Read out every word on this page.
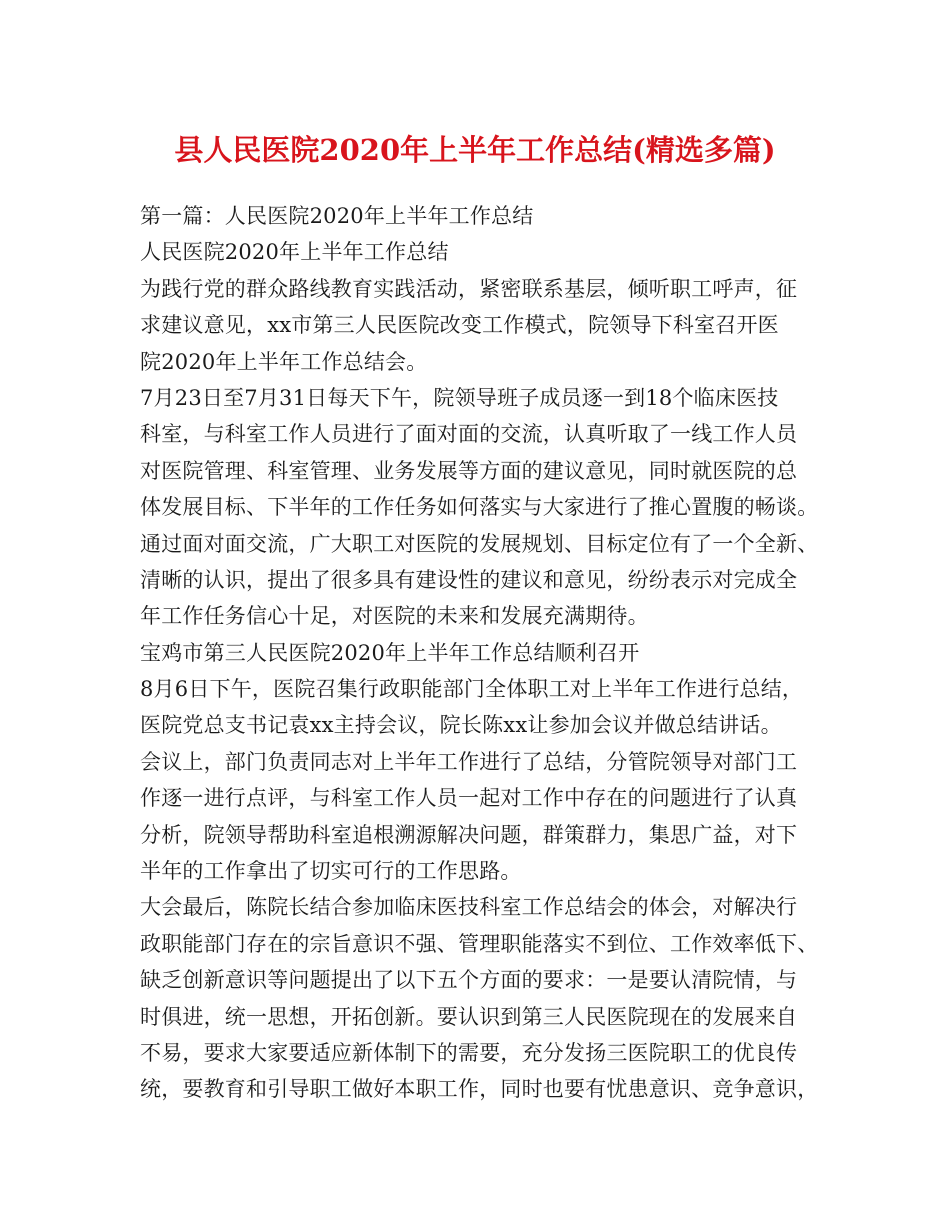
县人民医院2020年上半年工作总结(精选多篇)
第一篇：人民医院2020年上半年工作总结
人民医院2020年上半年工作总结
为践行党的群众路线教育实践活动，紧密联系基层，倾听职工呼声，征
求建议意见，xx市第三人民医院改变工作模式，院领导下科室召开医
院2020年上半年工作总结会。
7月23日至7月31日每天下午，院领导班子成员逐一到18个临床医技
科室，与科室工作人员进行了面对面的交流，认真听取了一线工作人员
对医院管理、科室管理、业务发展等方面的建议意见，同时就医院的总
体发展目标、下半年的工作任务如何落实与大家进行了推心置腹的畅谈。
通过面对面交流，广大职工对医院的发展规划、目标定位有了一个全新、
清晰的认识，提出了很多具有建设性的建议和意见，纷纷表示对完成全
年工作任务信心十足，对医院的未来和发展充满期待。
宝鸡市第三人民医院2020年上半年工作总结顺利召开
8月6日下午，医院召集行政职能部门全体职工对上半年工作进行总结，
医院党总支书记袁xx主持会议，院长陈xx让参加会议并做总结讲话。
会议上，部门负责同志对上半年工作进行了总结，分管院领导对部门工
作逐一进行点评，与科室工作人员一起对工作中存在的问题进行了认真
分析，院领导帮助科室追根溯源解决问题，群策群力，集思广益，对下
半年的工作拿出了切实可行的工作思路。
大会最后，陈院长结合参加临床医技科室工作总结会的体会，对解决行
政职能部门存在的宗旨意识不强、管理职能落实不到位、工作效率低下、
缺乏创新意识等问题提出了以下五个方面的要求：一是要认清院情，与
时俱进，统一思想，开拓创新。要认识到第三人民医院现在的发展来自
不易，要求大家要适应新体制下的需要，充分发扬三医院职工的优良传
统，要教育和引导职工做好本职工作，同时也要有忧患意识、竞争意识，
